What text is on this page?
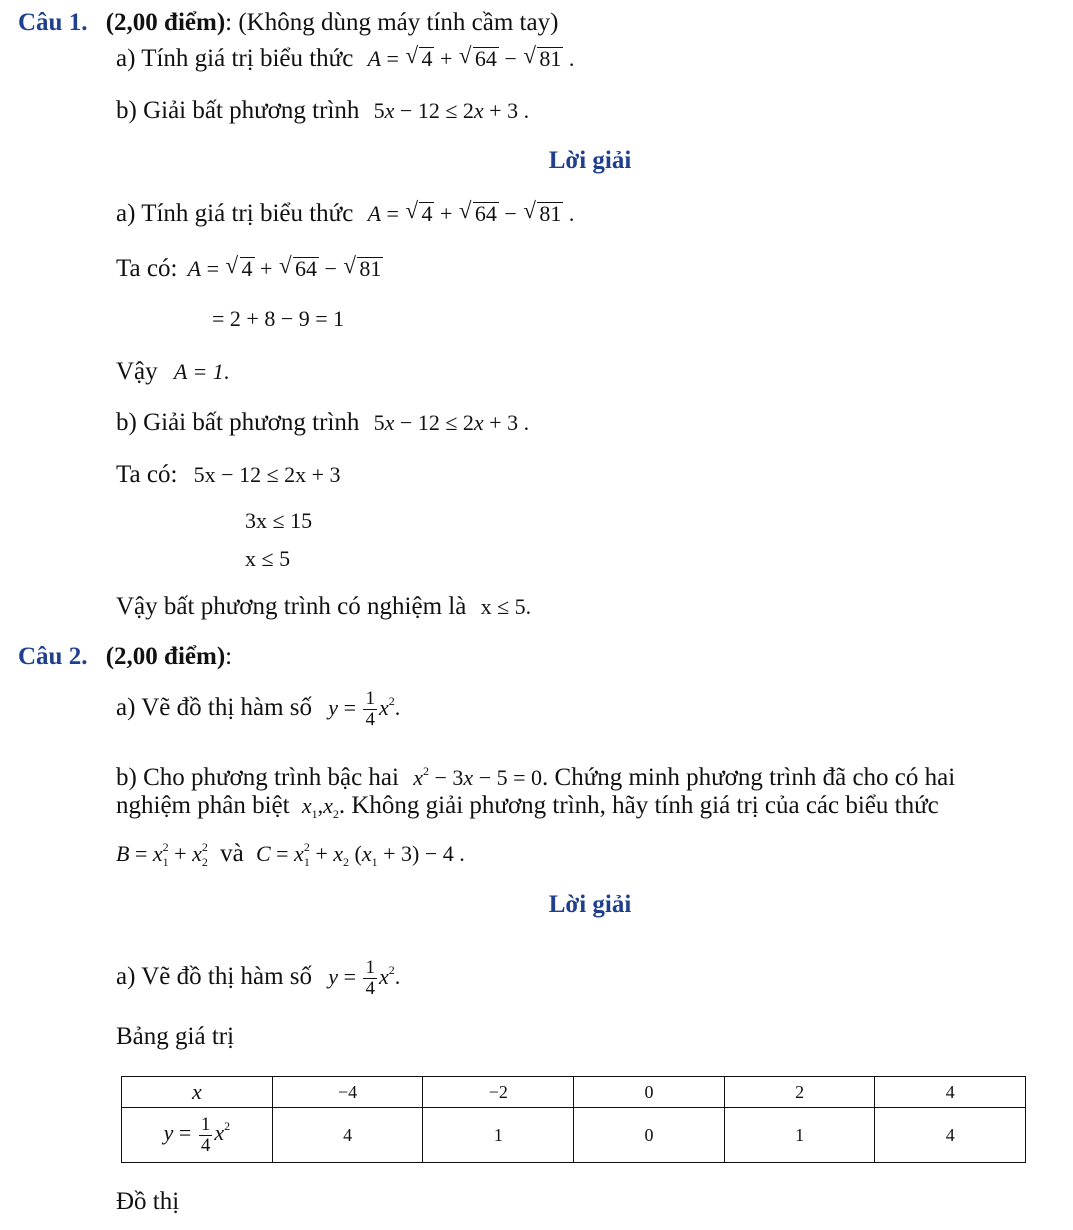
Câu 1. (2,00 điểm): (Không dùng máy tính cầm tay)
a) Tính giá trị biểu thức A = √ 4 + √ 64 − √ 81 .
b) Giải bất phương trình 5x − 12 ≤ 2x + 3 .
Lời giải
a) Tính giá trị biểu thức A = √ 4 + √ 64 − √ 81 .
Ta có: A = √ 4 + √ 64 − √ 81
= 2 + 8 − 9 = 1
Vậy A = 1.
b) Giải bất phương trình 5x − 12 ≤ 2x + 3 .
Ta có: 5x − 12 ≤ 2x + 3
3x ≤ 15
x ≤ 5
Vậy bất phương trình có nghiệm là x ≤ 5.
Câu 2. (2,00 điểm):
a) Vẽ đồ thị hàm số $y = \frac{1}{4} x^2$.
b) Cho phương trình bậc hai $x^2 - 3x - 5 = 0$. Chứng minh phương trình đã cho có hai
nghiệm phân biệt $x_1,x_2$. Không giải phương trình, hãy tính giá trị của các biểu thức
$B = x_1^2 + x_2^2$ và $C = x_1^2 + x_2$ $(x_1 + 3) - 4$ .
Lời giải
a) Vẽ đồ thị hàm số $y = \frac{1}{4} x^2$.
Bảng giá trị
x	−4	−2	0	2	4
$y = \frac{1}{4} x^2$	4	1	0	1	4
Đồ thị
